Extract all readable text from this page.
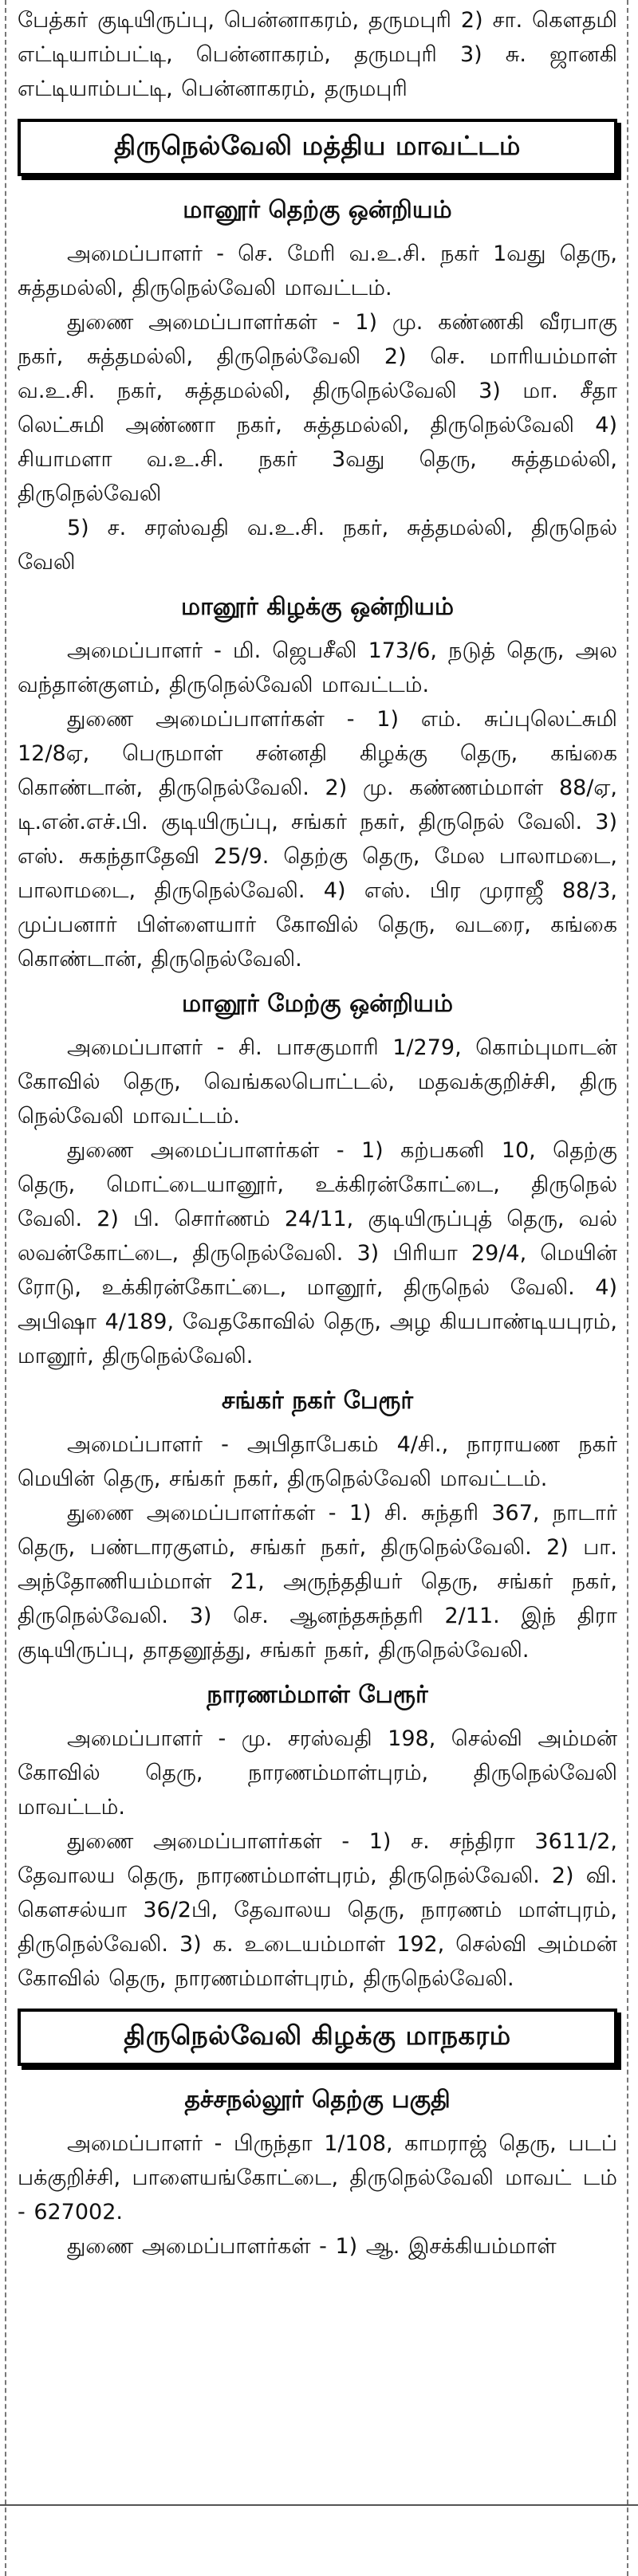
பேத்கர் குடியிருப்பு, பென்னாகரம், தருமபுரி 2) சா. கௌதமி எட்டியாம்பட்டி, பென்னாகரம், தருமபுரி 3) சு. ஜானகி எட்டியாம்பட்டி, பென்னாகரம், தருமபுரி

திருநெல்வேலி மத்திய மாவட்டம்
மானூர் தெற்கு ஒன்றியம்

அமைப்பாளர் - செ. மேரி வ.உ.சி. நகர் 1வது தெரு, சுத்தமல்லி, திருநெல்வேலி மாவட்டம்.

துணை அமைப்பாளர்கள் - 1) மு. கண்ணகி வீரபாகு நகர், சுத்தமல்லி, திருநெல்வேலி 2) செ. மாரியம்மாள் வ.உ.சி. நகர், சுத்தமல்லி, திருநெல்வேலி 3) மா. சீதா லெட்சுமி அண்ணா நகர், சுத்தமல்லி, திருநெல்வேலி 4) சியாமளா வ.உ.சி. நகர் 3வது தெரு, சுத்தமல்லி, திருநெல்வேலி

5) ச. சரஸ்வதி வ.உ.சி. நகர், சுத்தமல்லி, திருநெல் வேலி

மானூர் கிழக்கு ஒன்றியம்

அமைப்பாளர் - மி. ஜெபசீலி 173/6, நடுத் தெரு, அல வந்தான்குளம், திருநெல்வேலி மாவட்டம்.

துணை அமைப்பாளர்கள் - 1) எம். சுப்புலெட்சுமி 12/8ஏ, பெருமாள் சன்னதி கிழக்கு தெரு, கங்கை கொண்டான், திருநெல்வேலி. 2) மு. கண்ணம்மாள் 88/ஏ, டி.என்.எச்.பி. குடியிருப்பு, சங்கர் நகர், திருநெல் வேலி. 3) எஸ். சுகந்தாதேவி 25/9. தெற்கு தெரு, மேல பாலாமடை, பாலாமடை, திருநெல்வேலி. 4) எஸ். பிர முராஜீ 88/3, முப்பனார் பிள்ளையார் கோவில் தெரு, வடரை, கங்கை கொண்டான், திருநெல்வேலி.

மானூர் மேற்கு ஒன்றியம்

அமைப்பாளர் - சி. பாசகுமாரி 1/279, கொம்புமாடன் கோவில் தெரு, வெங்கலபொட்டல், மதவக்குறிச்சி, திரு நெல்வேலி மாவட்டம்.

துணை அமைப்பாளர்கள் - 1) கற்பகனி 10, தெற்கு தெரு, மொட்டையானூர், உக்கிரன்கோட்டை, திருநெல் வேலி. 2) பி. சொர்ணம் 24/11, குடியிருப்புத் தெரு, வல் லவன்கோட்டை, திருநெல்வேலி. 3) பிரியா 29/4, மெயின் ரோடு, உக்கிரன்கோட்டை, மானூர், திருநெல் வேலி. 4) அபிஷா 4/189, வேதகோவில் தெரு, அழ கியபாண்டியபுரம், மானூர், திருநெல்வேலி.

சங்கர் நகர் பேரூர்

அமைப்பாளர் - அபிதாபேகம் 4/சி., நாராயண நகர் மெயின் தெரு, சங்கர் நகர், திருநெல்வேலி மாவட்டம்.

துணை அமைப்பாளர்கள் - 1) சி. சுந்தரி 367, நாடார் தெரு, பண்டாரகுளம், சங்கர் நகர், திருநெல்வேலி. 2) பா. அந்தோணியம்மாள் 21, அருந்ததியர் தெரு, சங்கர் நகர், திருநெல்வேலி. 3) செ. ஆனந்தசுந்தரி 2/11. இந் திரா குடியிருப்பு, தாதனூத்து, சங்கர் நகர், திருநெல்வேலி.

நாரணம்மாள் பேரூர்

அமைப்பாளர் - மு. சரஸ்வதி 198, செல்வி அம்மன் கோவில் தெரு, நாரணம்மாள்புரம், திருநெல்வேலி மாவட்டம்.

துணை அமைப்பாளர்கள் - 1) ச. சந்திரா 3611/2, தேவாலய தெரு, நாரணம்மாள்புரம், திருநெல்வேலி. 2) வி. கௌசல்யா 36/2பி, தேவாலய தெரு, நாரணம் மாள்புரம், திருநெல்வேலி. 3) க. உடையம்மாள் 192, செல்வி அம்மன் கோவில் தெரு, நாரணம்மாள்புரம், திருநெல்வேலி.

திருநெல்வேலி கிழக்கு மாநகரம்
தச்சநல்லூர் தெற்கு பகுதி

அமைப்பாளர் - பிருந்தா 1/108, காமராஜ் தெரு, படப் பக்குறிச்சி, பாளையங்கோட்டை, திருநெல்வேலி மாவட் டம் - 627002.

துணை அமைப்பாளர்கள் - 1) ஆ. இசக்கியம்மாள்
